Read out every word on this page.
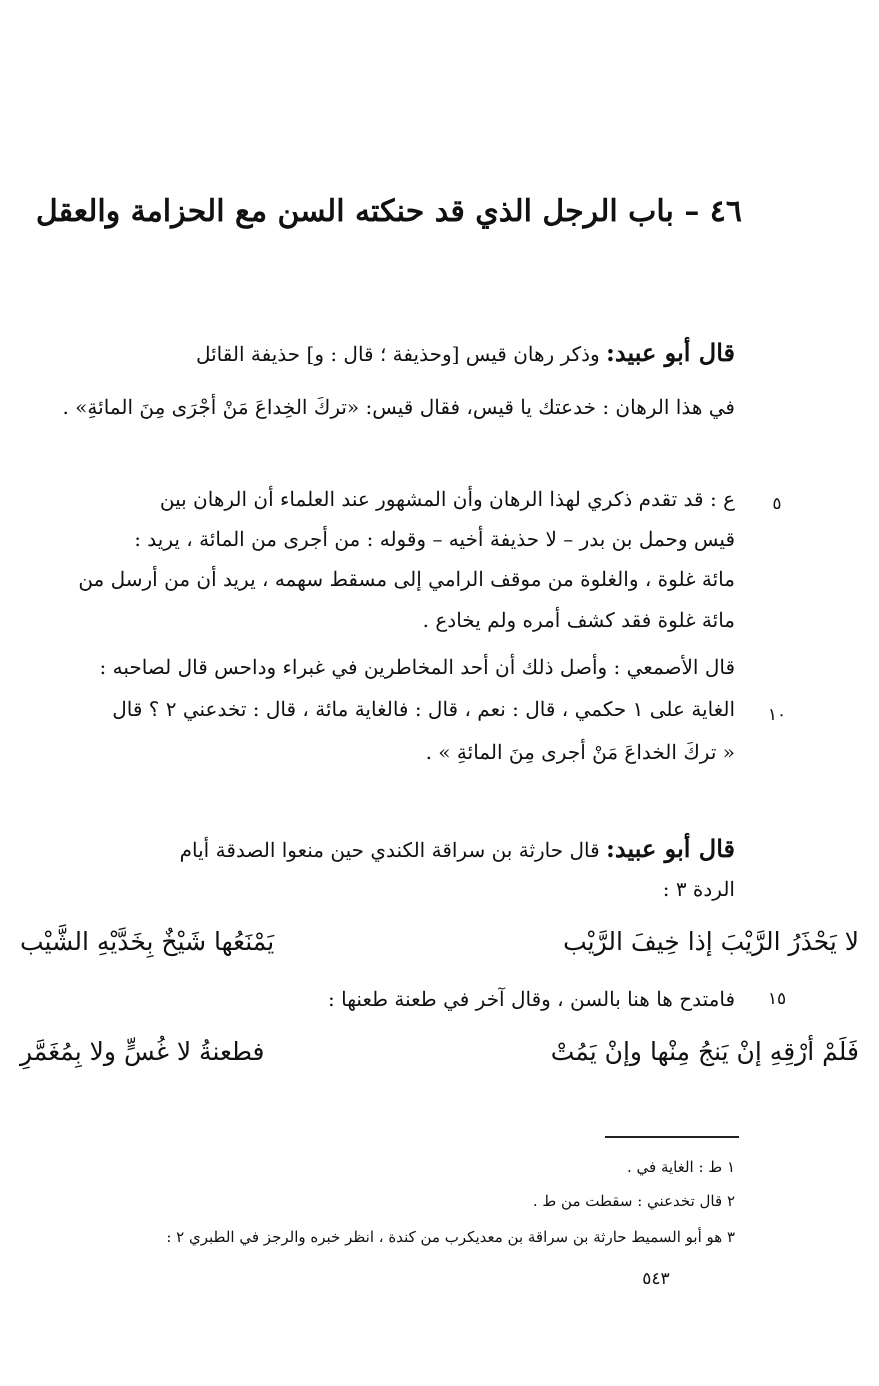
٤٦ – باب الرجل الذي قد حنكته السن مع الحزامة والعقل
قال أبو عبيد: وذكر رهان قيس [وحذيفة ؛ قال : و] حذيفة القائل
في هذا الرهان : خدعتك يا قيس، فقال قيس: «تركَ الخِداعَ مَنْ أجْرَى مِنَ المائةِ» .
٥
ع : قد تقدم ذكري لهذا الرهان وأن المشهور عند العلماء أن الرهان بين
قيس وحمل بن بدر – لا حذيفة أخيه – وقوله : من أجرى من المائة ، يريد :
مائة غلوة ، والغلوة من موقف الرامي إلى مسقط سهمه ، يريد أن من أرسل من
مائة غلوة فقد كشف أمره ولم يخادع .
قال الأصمعي : وأصل ذلك أن أحد المخاطرين في غبراء وداحس قال لصاحبه :
١٠
الغاية على ١ حكمي ، قال : نعم ، قال : فالغاية مائة ، قال : تخدعني ٢ ؟ قال
« تركَ الخداعَ مَنْ أجرى مِنَ المائةِ » .
قال أبو عبيد: قال حارثة بن سراقة الكندي حين منعوا الصدقة أيام
الردة ٣ :
يَمْنَعُها شَيْخٌ بِخَدَّيْهِ الشَّيْب	لا يَحْذَرُ الرَّيْبَ إذا خِيفَ الرَّيْب
١٥
فامتدح ها هنا بالسن ، وقال آخر في طعنة طعنها :
فطعنةُ لا غُسٍّ ولا بِمُغَمَّرِ	فَلَمْ أرْقِهِ إنْ يَنجُ مِنْها وإنْ يَمُتْ
١ ط : الغاية في .
٢ قال تخدعني : سقطت من ط .
٣ هو أبو السميط حارثة بن سراقة بن معديكرب من كندة ، انظر خبره والرجز في الطبري ٢ :
٥٤٣
